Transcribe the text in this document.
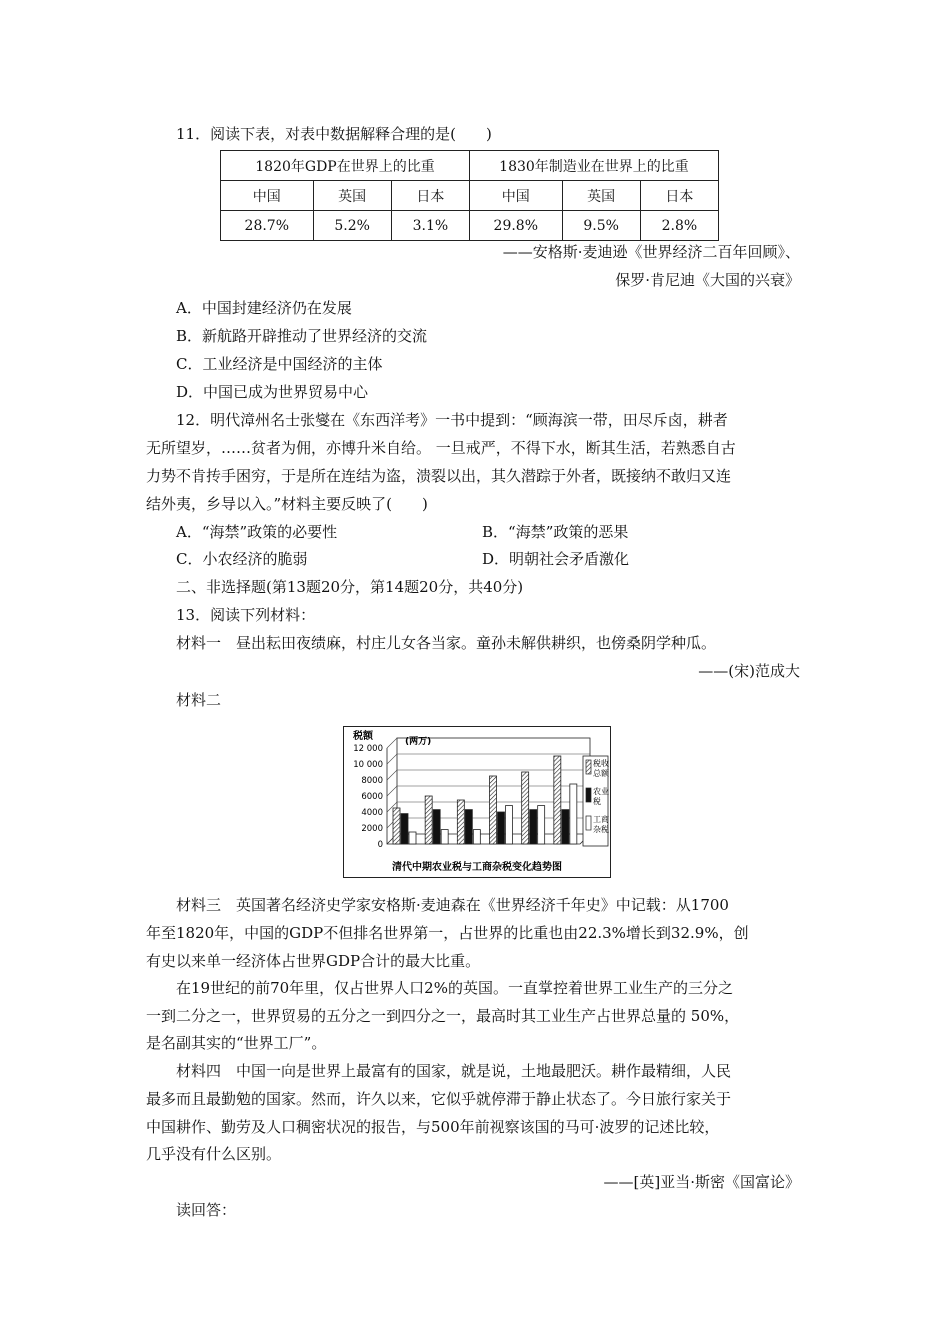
11．阅读下表，对表中数据解释合理的是(　　)
1820年GDP在世界上的比重			1830年制造业在世界上的比重		
中国	英国	日本	中国	英国	日本
28.7%	5.2%	3.1%	29.8%	9.5%	2.8%
——安格斯·麦迪逊《世界经济二百年回顾》、
保罗·肯尼迪《大国的兴衰》
A．中国封建经济仍在发展
B．新航路开辟推动了世界经济的交流
C．工业经济是中国经济的主体
D．中国已成为世界贸易中心
12．明代漳州名士张燮在《东西洋考》一书中提到：“顾海滨一带，田尽斥卤，耕者
无所望岁，……贫者为佣，亦博升米自给。 一旦戒严，不得下水，断其生活，若熟悉自古
力势不肯抟手困穷，于是所在连结为盗，溃裂以出，其久潜踪于外者，既接纳不敢归又连
结外夷，乡导以入。”材料主要反映了(　　)
A．“海禁”政策的必要性	B．“海禁”政策的恶果
C．小农经济的脆弱	D．明朝社会矛盾激化
二、非选择题(第13题20分，第14题20分，共40分)
13．阅读下列材料：
材料一　昼出耘田夜绩麻，村庄儿女各当家。童孙未解供耕织，也傍桑阴学种瓜。
——(宋)范成大
材料二
12 000
10 000
8000
6000
4000
2000
0
税额	(两万)
税收
总额
农业
税
工商
杂税
清代中期农业税与工商杂税变化趋势图
材料三　英国著名经济史学家安格斯·麦迪森在《世界经济千年史》中记载：从1700
年至1820年，中国的GDP不但排名世界第一，占世界的比重也由22.3%增长到32.9%，创
有史以来单一经济体占世界GDP合计的最大比重。
在19世纪的前70年里，仅占世界人口2%的英国。一直掌控着世界工业生产的三分之
一到二分之一，世界贸易的五分之一到四分之一，最高时其工业生产占世界总量的 50%，
是名副其实的“世界工厂”。
材料四　中国一向是世界上最富有的国家，就是说，土地最肥沃。耕作最精细，人民
最多而且最勤勉的国家。然而，许久以来，它似乎就停滞于静止状态了。今日旅行家关于
中国耕作、勤劳及人口稠密状况的报告，与500年前视察该国的马可·波罗的记述比较，
几乎没有什么区别。
——[英]亚当·斯密《国富论》
读回答：
